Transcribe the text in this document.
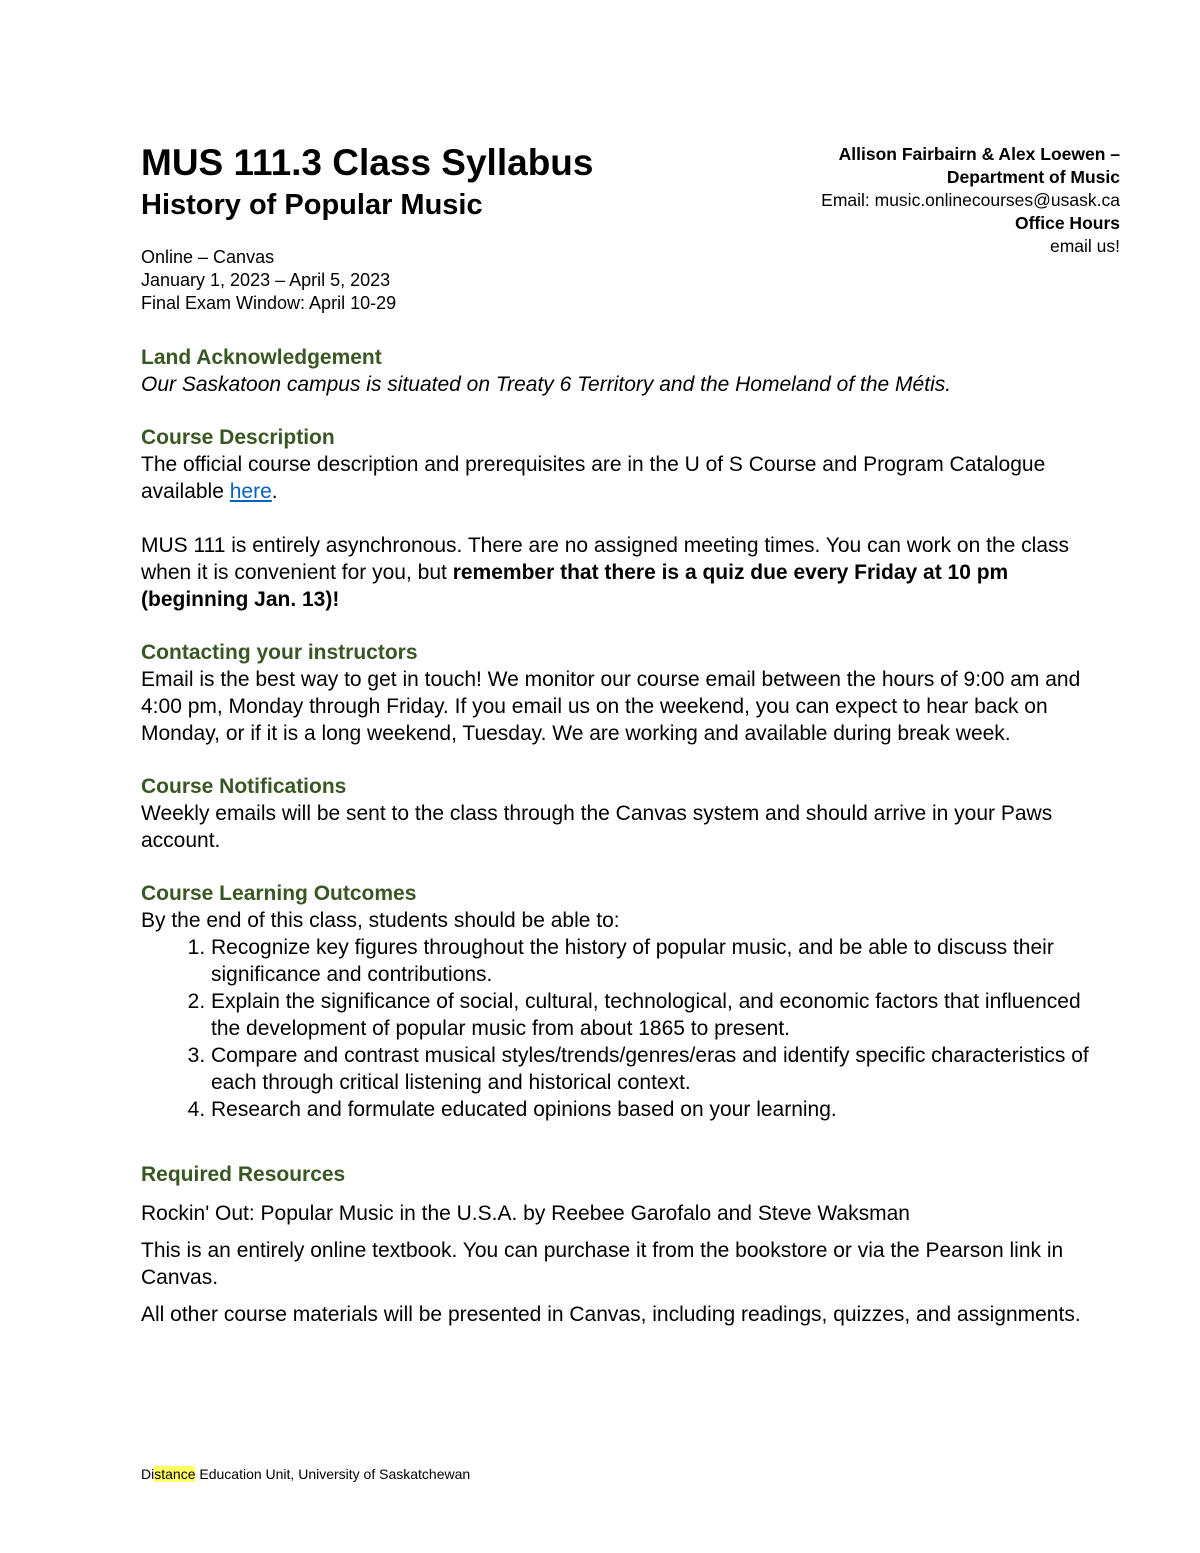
MUS 111.3 Class Syllabus
History of Popular Music
Online – Canvas
January 1, 2023 – April 5, 2023
Final Exam Window: April 10-29
Allison Fairbairn & Alex Loewen –
Department of Music
Email: music.onlinecourses@usask.ca
Office Hours
email us!

Land Acknowledgement

Our Saskatoon campus is situated on Treaty 6 Territory and the Homeland of the Métis.

Course Description

The official course description and prerequisites are in the U of S Course and Program Catalogue available here.

MUS 111 is entirely asynchronous. There are no assigned meeting times. You can work on the class when it is convenient for you, but remember that there is a quiz due every Friday at 10 pm (beginning Jan. 13)!

Contacting your instructors

Email is the best way to get in touch! We monitor our course email between the hours of 9:00 am and 4:00 pm, Monday through Friday. If you email us on the weekend, you can expect to hear back on Monday, or if it is a long weekend, Tuesday. We are working and available during break week.

Course Notifications

Weekly emails will be sent to the class through the Canvas system and should arrive in your Paws account.

Course Learning Outcomes

By the end of this class, students should be able to:

1. Recognize key figures throughout the history of popular music, and be able to discuss their significance and contributions.
2. Explain the significance of social, cultural, technological, and economic factors that influenced the development of popular music from about 1865 to present.
3. Compare and contrast musical styles/trends/genres/eras and identify specific characteristics of each through critical listening and historical context.
4. Research and formulate educated opinions based on your learning.

Required Resources

Rockin' Out: Popular Music in the U.S.A. by Reebee Garofalo and Steve Waksman

This is an entirely online textbook. You can purchase it from the bookstore or via the Pearson link in Canvas.

All other course materials will be presented in Canvas, including readings, quizzes, and assignments.

Distance Education Unit, University of Saskatchewan
